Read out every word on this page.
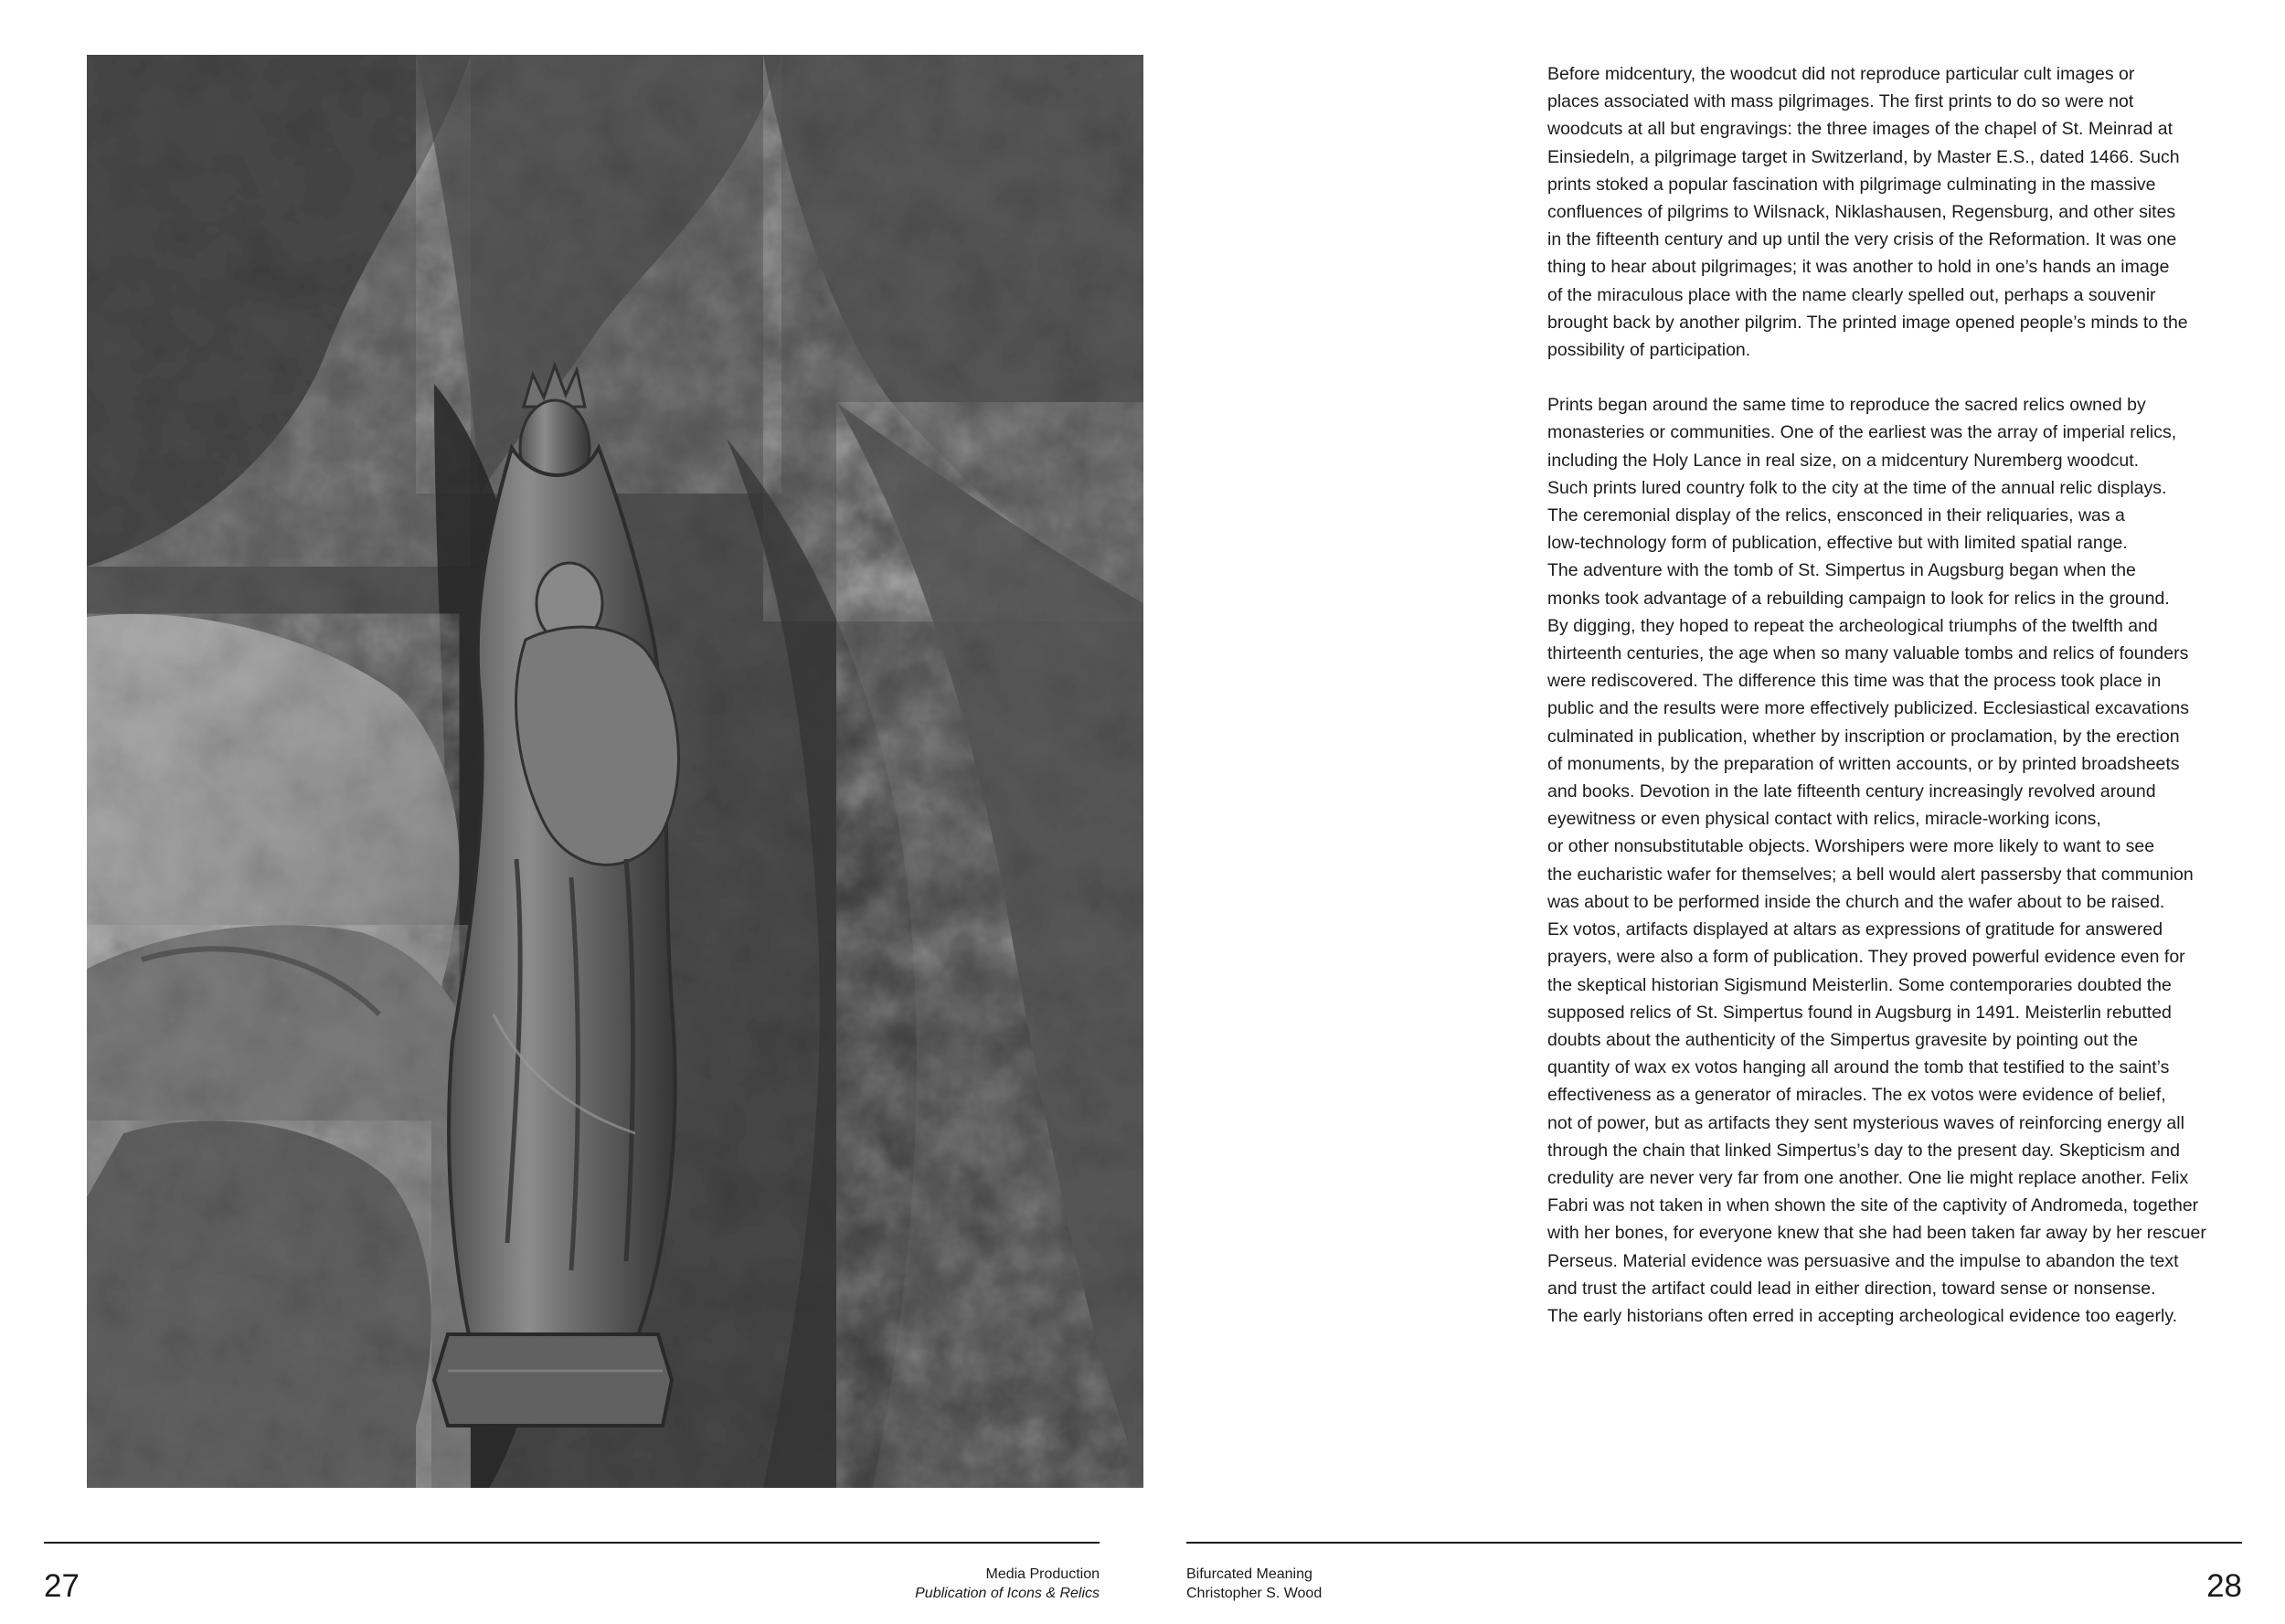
Before midcentury, the woodcut did not reproduce particular cult images or
places associated with mass pilgrimages. The first prints to do so were not
woodcuts at all but engravings: the three images of the chapel of St. Meinrad at
Einsiedeln, a pilgrimage target in Switzerland, by Master E.S., dated 1466. Such
prints stoked a popular fascination with pilgrimage culminating in the massive
confluences of pilgrims to Wilsnack, Niklashausen, Regensburg, and other sites
in the fifteenth century and up until the very crisis of the Reformation. It was one
thing to hear about pilgrimages; it was another to hold in one’s hands an image
of the miraculous place with the name clearly spelled out, perhaps a souvenir
brought back by another pilgrim. The printed image opened people’s minds to the
possibility of participation.

Prints began around the same time to reproduce the sacred relics owned by
monasteries or communities. One of the earliest was the array of imperial relics,
including the Holy Lance in real size, on a midcentury Nuremberg woodcut.
Such prints lured country folk to the city at the time of the annual relic displays.
The ceremonial display of the relics, ensconced in their reliquaries, was a
low-technology form of publication, effective but with limited spatial range.
The adventure with the tomb of St. Simpertus in Augsburg began when the
monks took advantage of a rebuilding campaign to look for relics in the ground.
By digging, they hoped to repeat the archeological triumphs of the twelfth and
thirteenth centuries, the age when so many valuable tombs and relics of founders
were rediscovered. The difference this time was that the process took place in
public and the results were more effectively publicized. Ecclesiastical excavations
culminated in publication, whether by inscription or proclamation, by the erection
of monuments, by the preparation of written accounts, or by printed broadsheets
and books. Devotion in the late fifteenth century increasingly revolved around
eyewitness or even physical contact with relics, miracle-working icons,
or other nonsubstitutable objects. Worshipers were more likely to want to see
the eucharistic wafer for themselves; a bell would alert passersby that communion
was about to be performed inside the church and the wafer about to be raised.
Ex votos, artifacts displayed at altars as expressions of gratitude for answered
prayers, were also a form of publication. They proved powerful evidence even for
the skeptical historian Sigismund Meisterlin. Some contemporaries doubted the
supposed relics of St. Simpertus found in Augsburg in 1491. Meisterlin rebutted
doubts about the authenticity of the Simpertus gravesite by pointing out the
quantity of wax ex votos hanging all around the tomb that testified to the saint’s
effectiveness as a generator of miracles. The ex votos were evidence of belief,
not of power, but as artifacts they sent mysterious waves of reinforcing energy all
through the chain that linked Simpertus’s day to the present day. Skepticism and
credulity are never very far from one another. One lie might replace another. Felix
Fabri was not taken in when shown the site of the captivity of Andromeda, together
with her bones, for everyone knew that she had been taken far away by her rescuer
Perseus. Material evidence was persuasive and the impulse to abandon the text
and trust the artifact could lead in either direction, toward sense or nonsense.
The early historians often erred in accepting archeological evidence too eagerly.

27	Media Production
Publication of Icons & Relics
Bifurcated Meaning
Christopher S. Wood	28
